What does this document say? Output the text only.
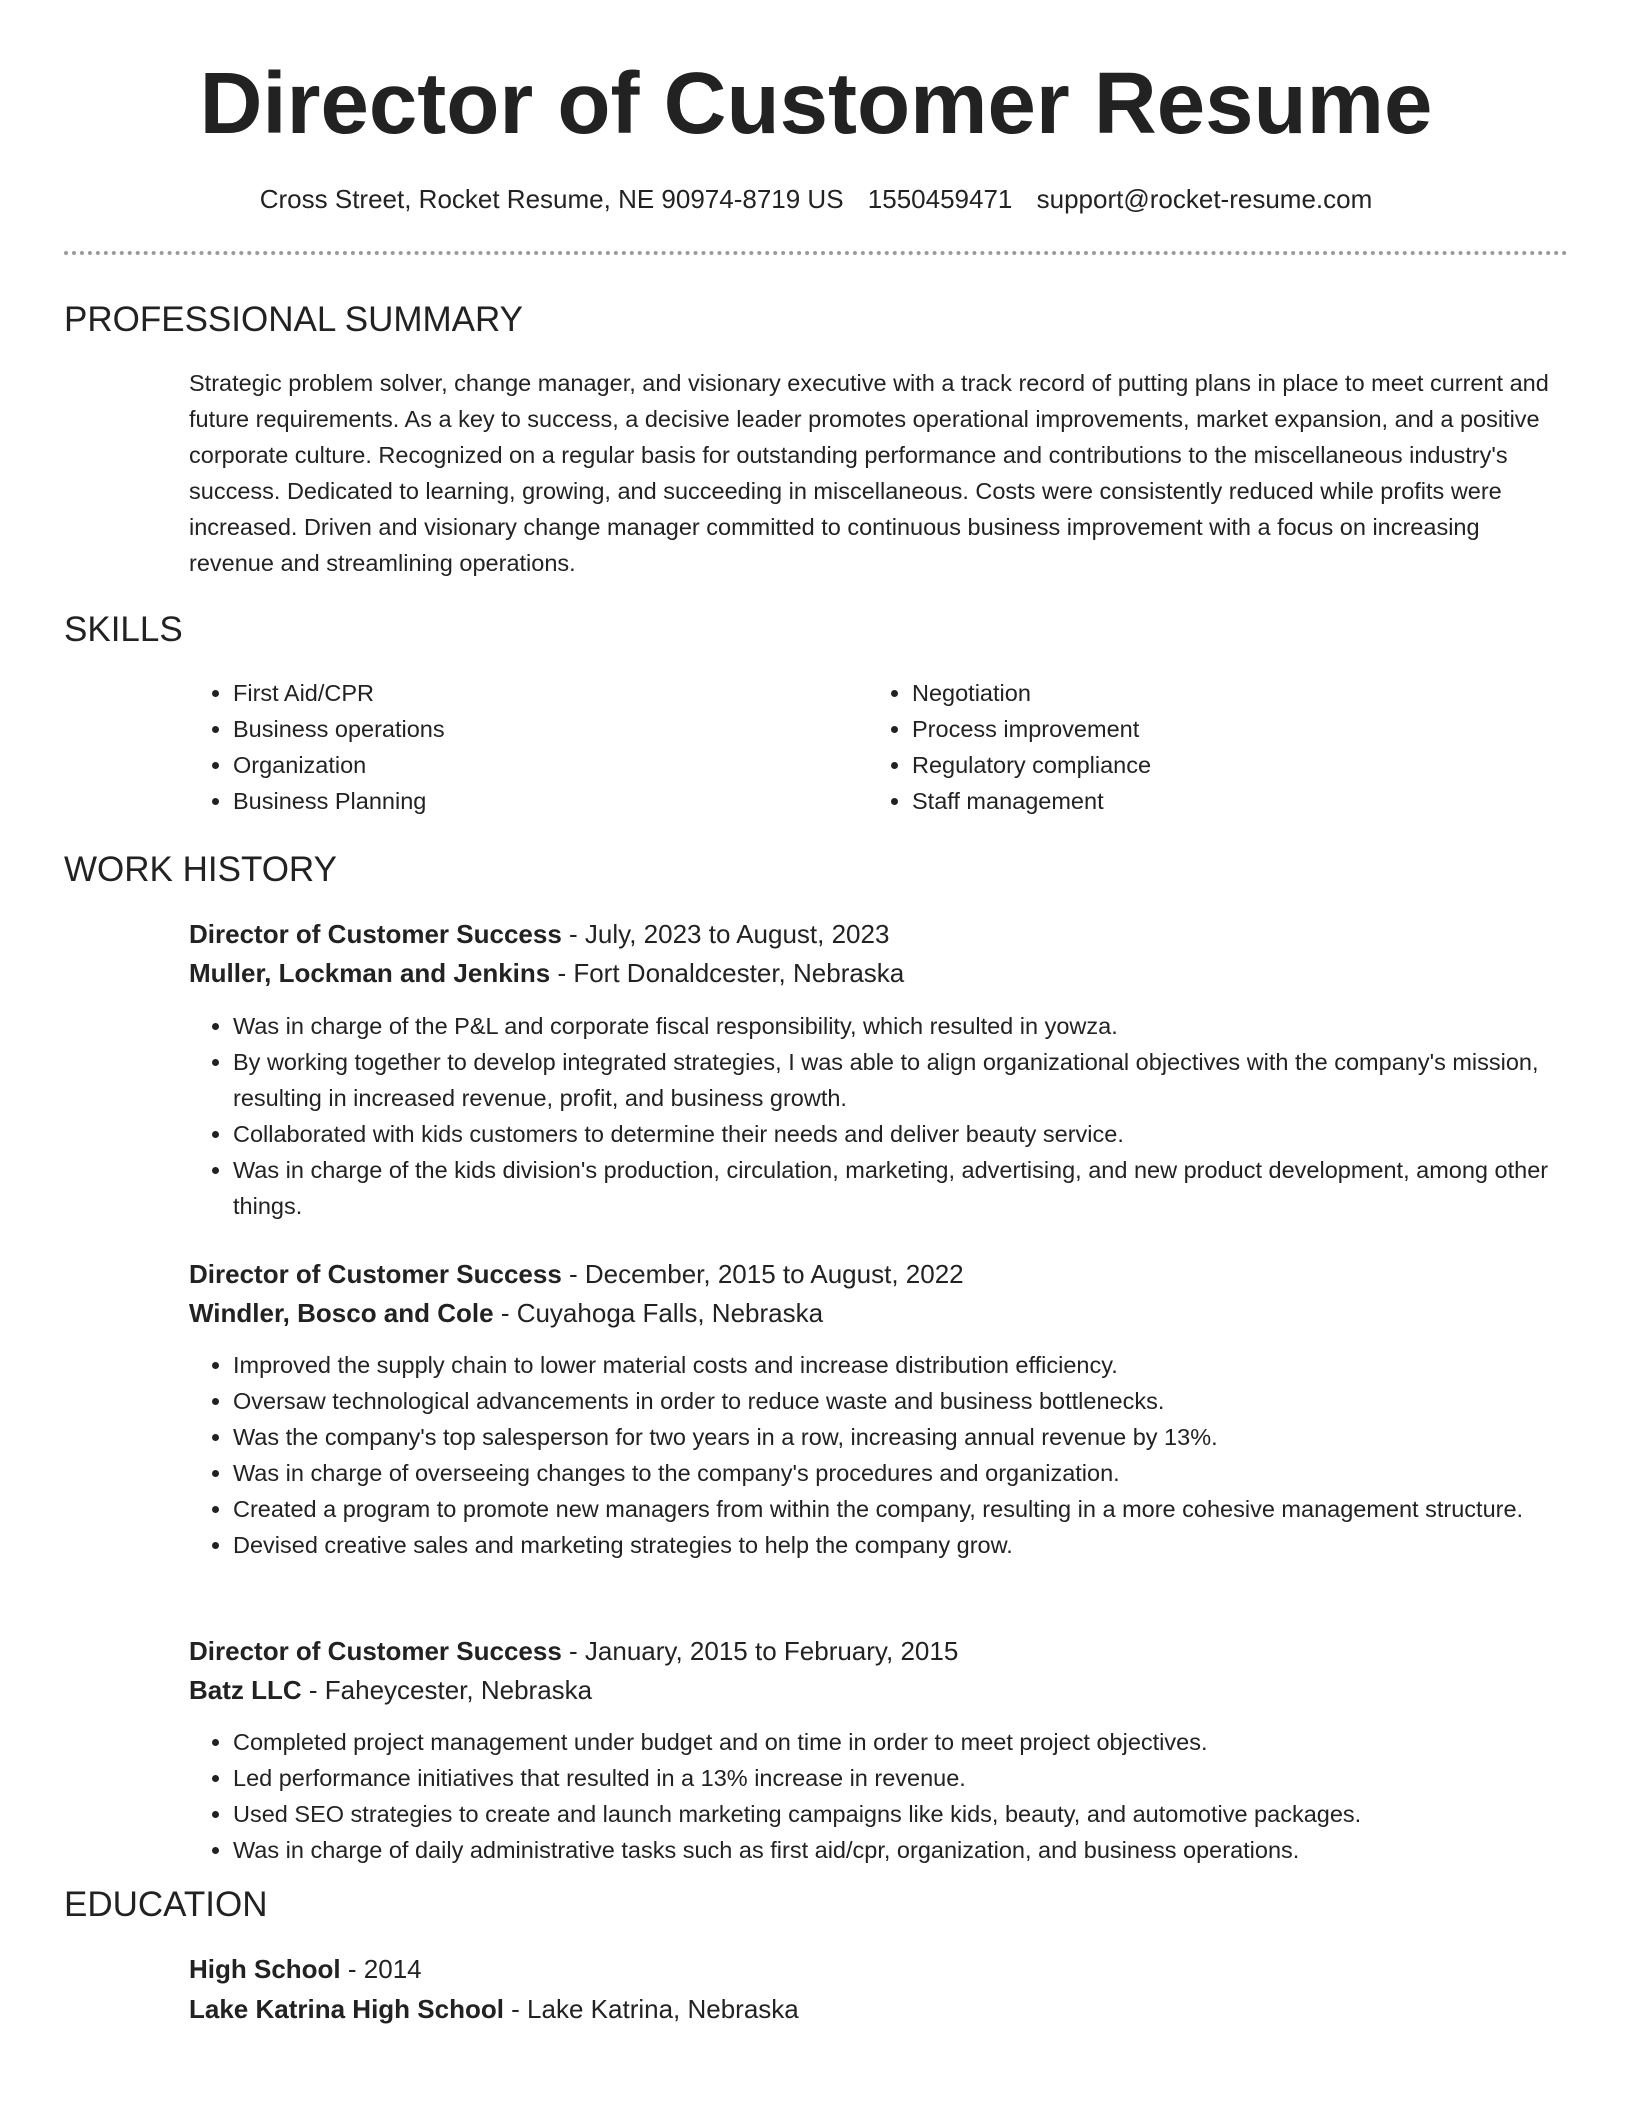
Director of Customer Resume
Cross Street, Rocket Resume, NE 90974-8719 US 1550459471 support@rocket-resume.com
PROFESSIONAL SUMMARY

Strategic problem solver, change manager, and visionary executive with a track record of putting plans in place to meet current and future requirements. As a key to success, a decisive leader promotes operational improvements, market expansion, and a positive corporate culture. Recognized on a regular basis for outstanding performance and contributions to the miscellaneous industry's success. Dedicated to learning, growing, and succeeding in miscellaneous. Costs were consistently reduced while profits were increased. Driven and visionary change manager committed to continuous business improvement with a focus on increasing revenue and streamlining operations.

SKILLS
• First Aid/CPR
• Business operations
• Organization
• Business Planning
• Negotiation
• Process improvement
• Regulatory compliance
• Staff management
WORK HISTORY
Director of Customer Success - July, 2023 to August, 2023
Muller, Lockman and Jenkins - Fort Donaldcester, Nebraska
• Was in charge of the P&L and corporate fiscal responsibility, which resulted in yowza.
• By working together to develop integrated strategies, I was able to align organizational objectives with the company's mission, resulting in increased revenue, profit, and business growth.
• Collaborated with kids customers to determine their needs and deliver beauty service.
• Was in charge of the kids division's production, circulation, marketing, advertising, and new product development, among other things.
Director of Customer Success - December, 2015 to August, 2022
Windler, Bosco and Cole - Cuyahoga Falls, Nebraska
• Improved the supply chain to lower material costs and increase distribution efficiency.
• Oversaw technological advancements in order to reduce waste and business bottlenecks.
• Was the company's top salesperson for two years in a row, increasing annual revenue by 13%.
• Was in charge of overseeing changes to the company's procedures and organization.
• Created a program to promote new managers from within the company, resulting in a more cohesive management structure.
• Devised creative sales and marketing strategies to help the company grow.
Director of Customer Success - January, 2015 to February, 2015
Batz LLC - Faheycester, Nebraska
• Completed project management under budget and on time in order to meet project objectives.
• Led performance initiatives that resulted in a 13% increase in revenue.
• Used SEO strategies to create and launch marketing campaigns like kids, beauty, and automotive packages.
• Was in charge of daily administrative tasks such as first aid/cpr, organization, and business operations.
EDUCATION
High School - 2014
Lake Katrina High School - Lake Katrina, Nebraska
